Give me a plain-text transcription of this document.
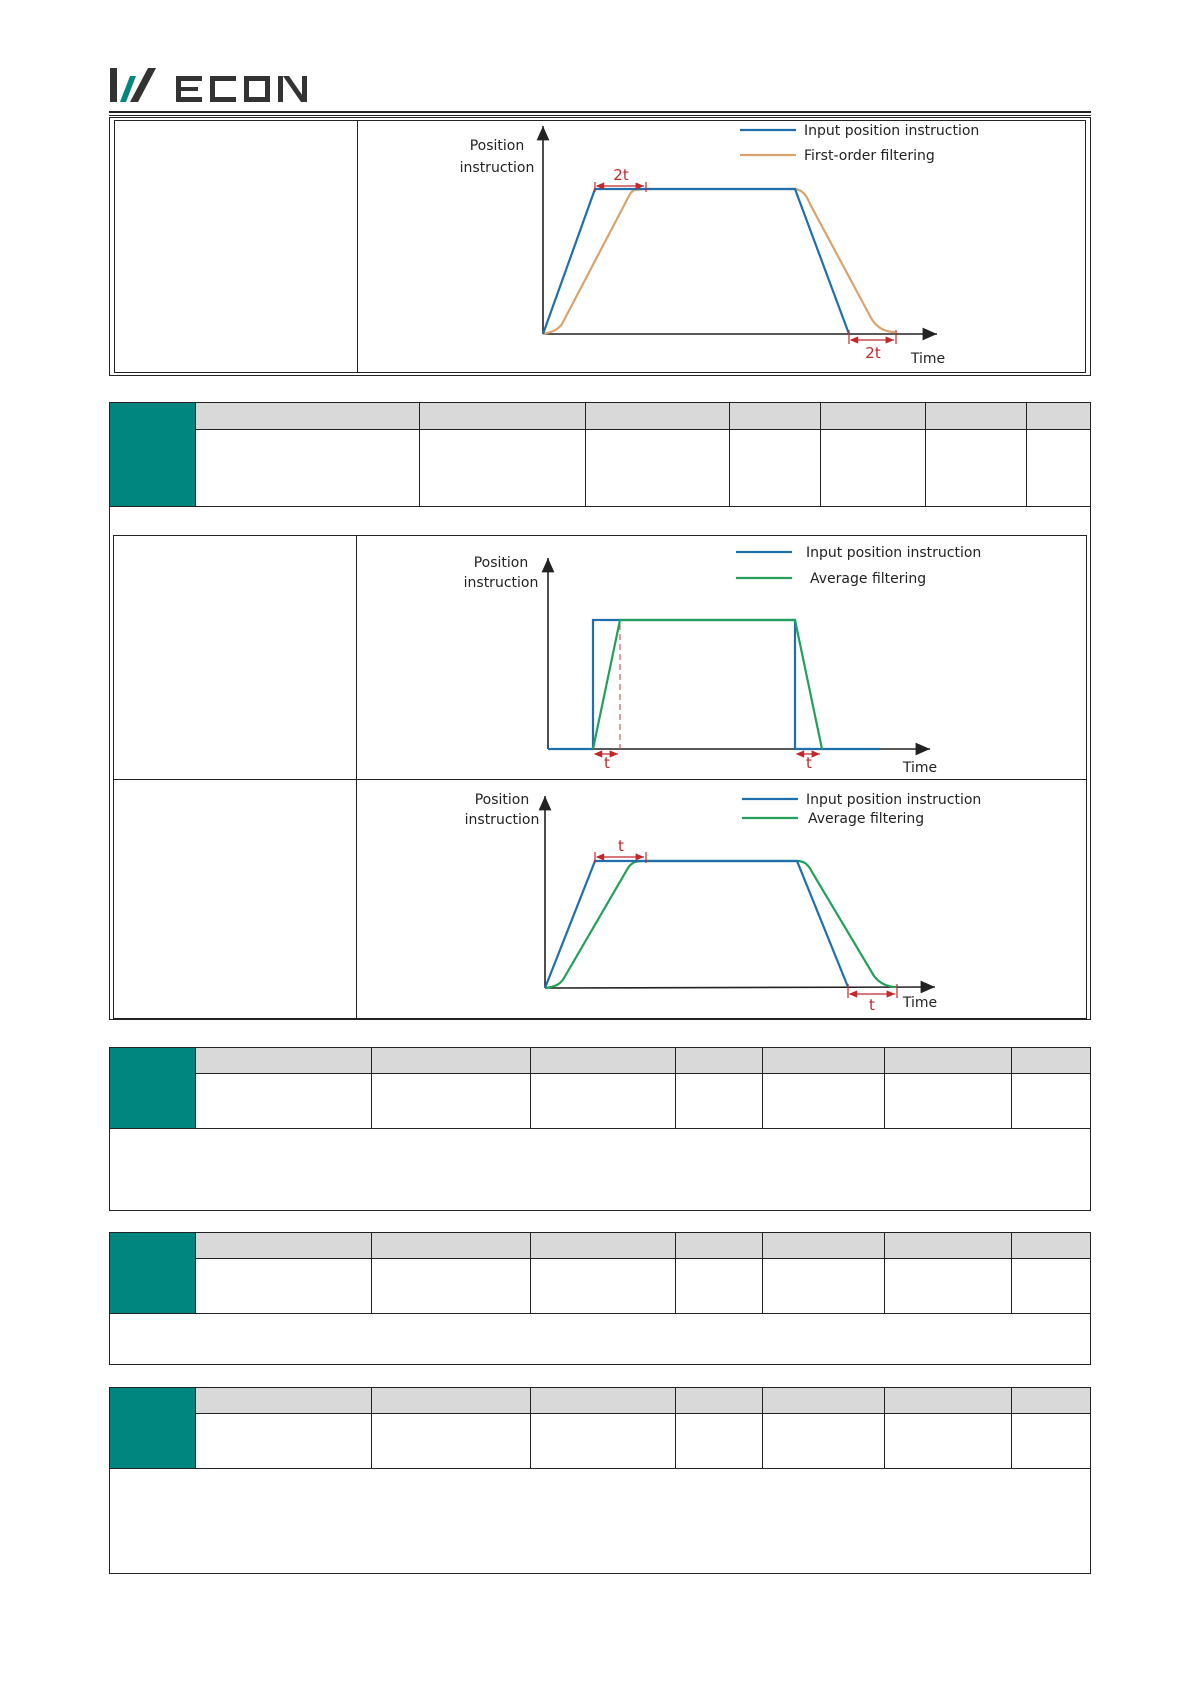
2t
2t
Position
instruction
Time
Input position instruction
First-order filtering
t	t
Position
instruction
Time
Input position instruction
Average filtering
t
t
Position
instruction
Time
Input position instruction
Average filtering
